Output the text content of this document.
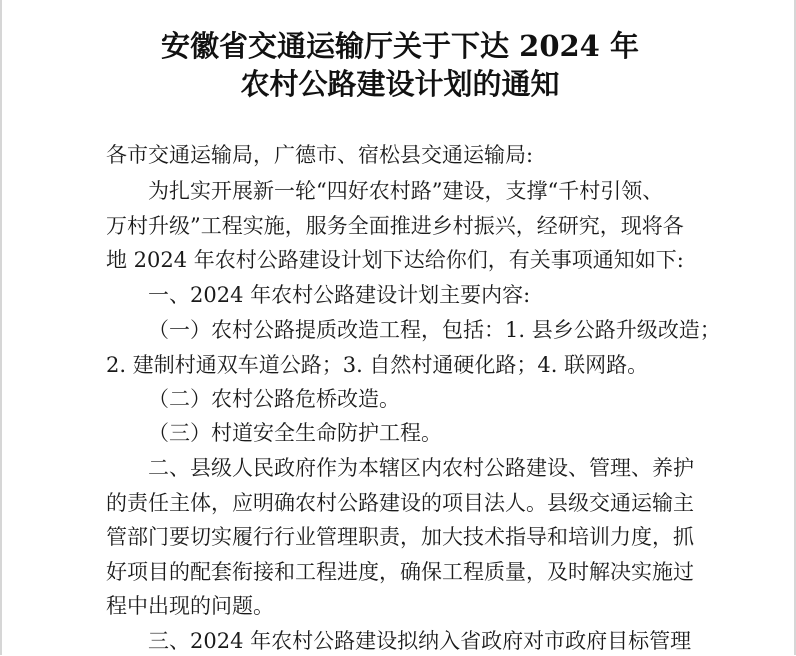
安徽省交通运输厅关于下达 2024 年
农村公路建设计划的通知
各市交通运输局，广德市、宿松县交通运输局:
为扎实开展新一轮“四好农村路”建设，支撑“千村引领、
万村升级”工程实施，服务全面推进乡村振兴，经研究，现将各
地 2024 年农村公路建设计划下达给你们，有关事项通知如下:
一、2024 年农村公路建设计划主要内容:
（一）农村公路提质改造工程，包括：1. 县乡公路升级改造；
2. 建制村通双车道公路；3. 自然村通硬化路；4. 联网路。
（二）农村公路危桥改造。
（三）村道安全生命防护工程。
二、县级人民政府作为本辖区内农村公路建设、管理、养护
的责任主体，应明确农村公路建设的项目法人。县级交通运输主
管部门要切实履行行业管理职责，加大技术指导和培训力度，抓
好项目的配套衔接和工程进度，确保工程质量，及时解决实施过
程中出现的问题。
三、2024 年农村公路建设拟纳入省政府对市政府目标管理
